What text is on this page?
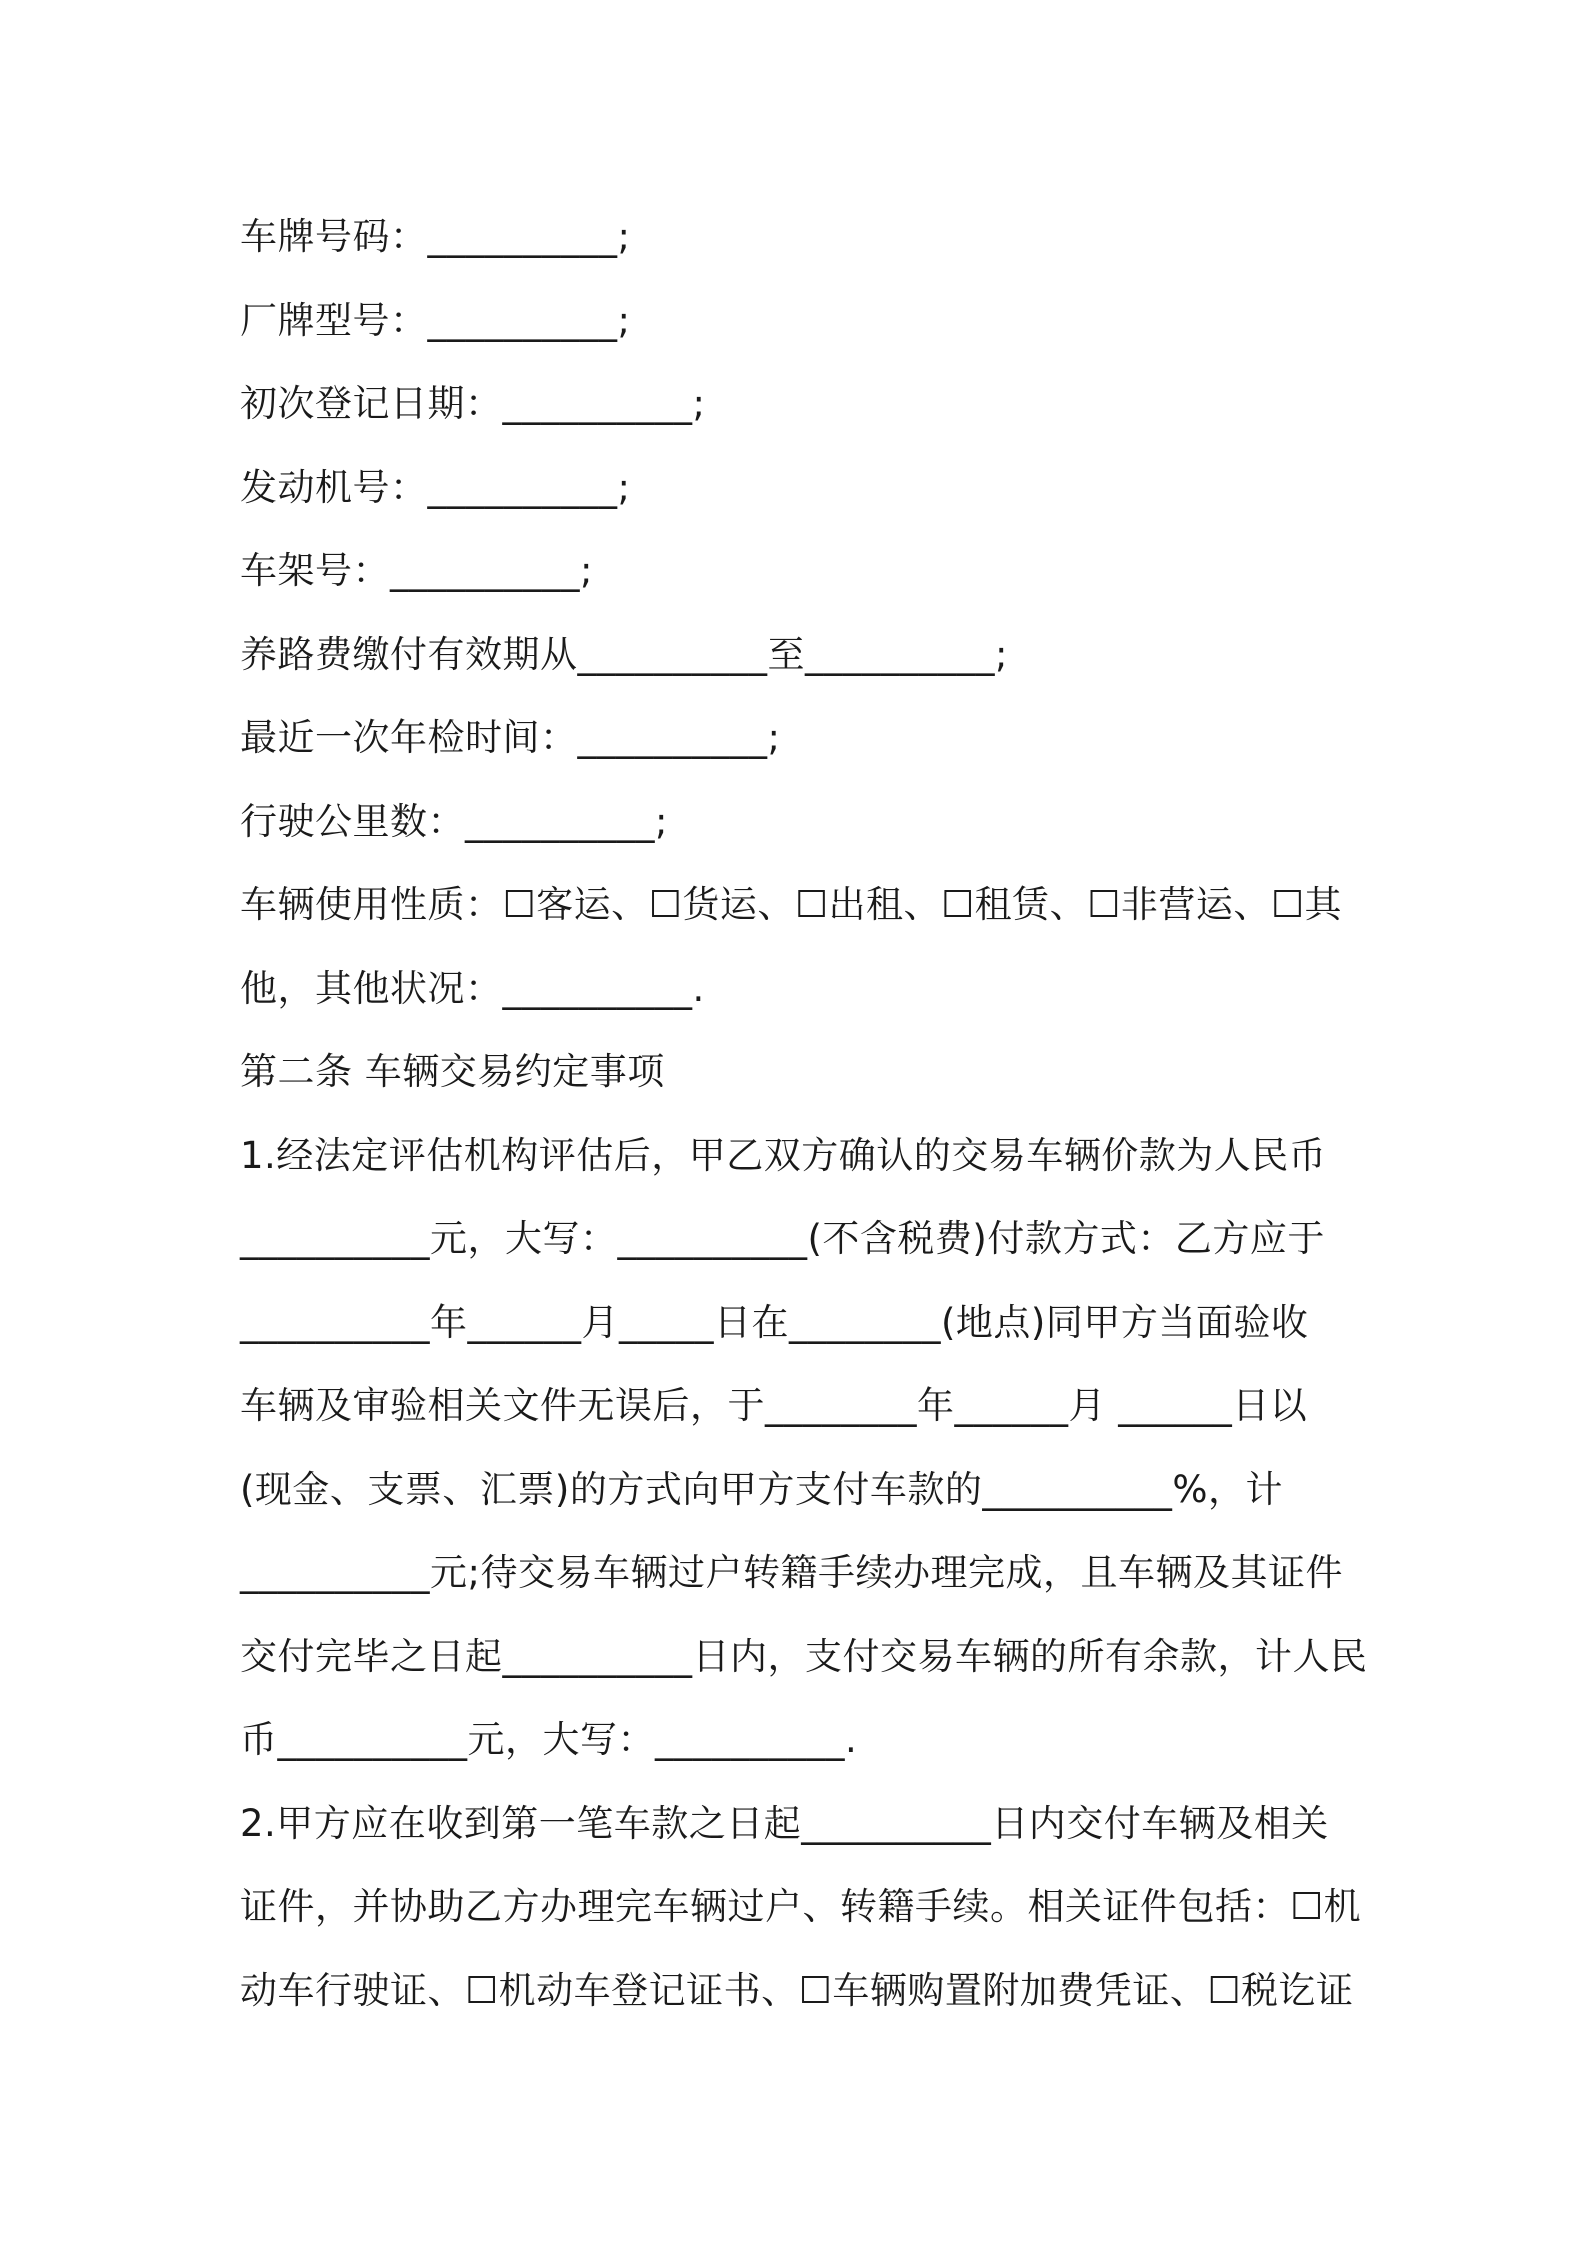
车牌号码：__________;
厂牌型号：__________;
初次登记日期：__________;
发动机号：__________;
车架号：__________;
养路费缴付有效期从__________至__________;
最近一次年检时间：__________;
行驶公里数：__________;
车辆使用性质：☐客运、☐货运、☐出租、☐租赁、☐非营运、☐其
他，其他状况：__________.
第二条 车辆交易约定事项
1.经法定评估机构评估后，甲乙双方确认的交易车辆价款为人民币
__________元，大写：__________(不含税费)付款方式：乙方应于
__________年______月_____日在________(地点)同甲方当面验收
车辆及审验相关文件无误后，于________年______月 ______日以
(现金、支票、汇票)的方式向甲方支付车款的__________%，计
__________元;待交易车辆过户转籍手续办理完成，且车辆及其证件
交付完毕之日起__________日内，支付交易车辆的所有余款，计人民
币__________元，大写：__________.
2.甲方应在收到第一笔车款之日起__________日内交付车辆及相关
证件，并协助乙方办理完车辆过户、转籍手续。相关证件包括：☐机
动车行驶证、☐机动车登记证书、☐车辆购置附加费凭证、☐税讫证
